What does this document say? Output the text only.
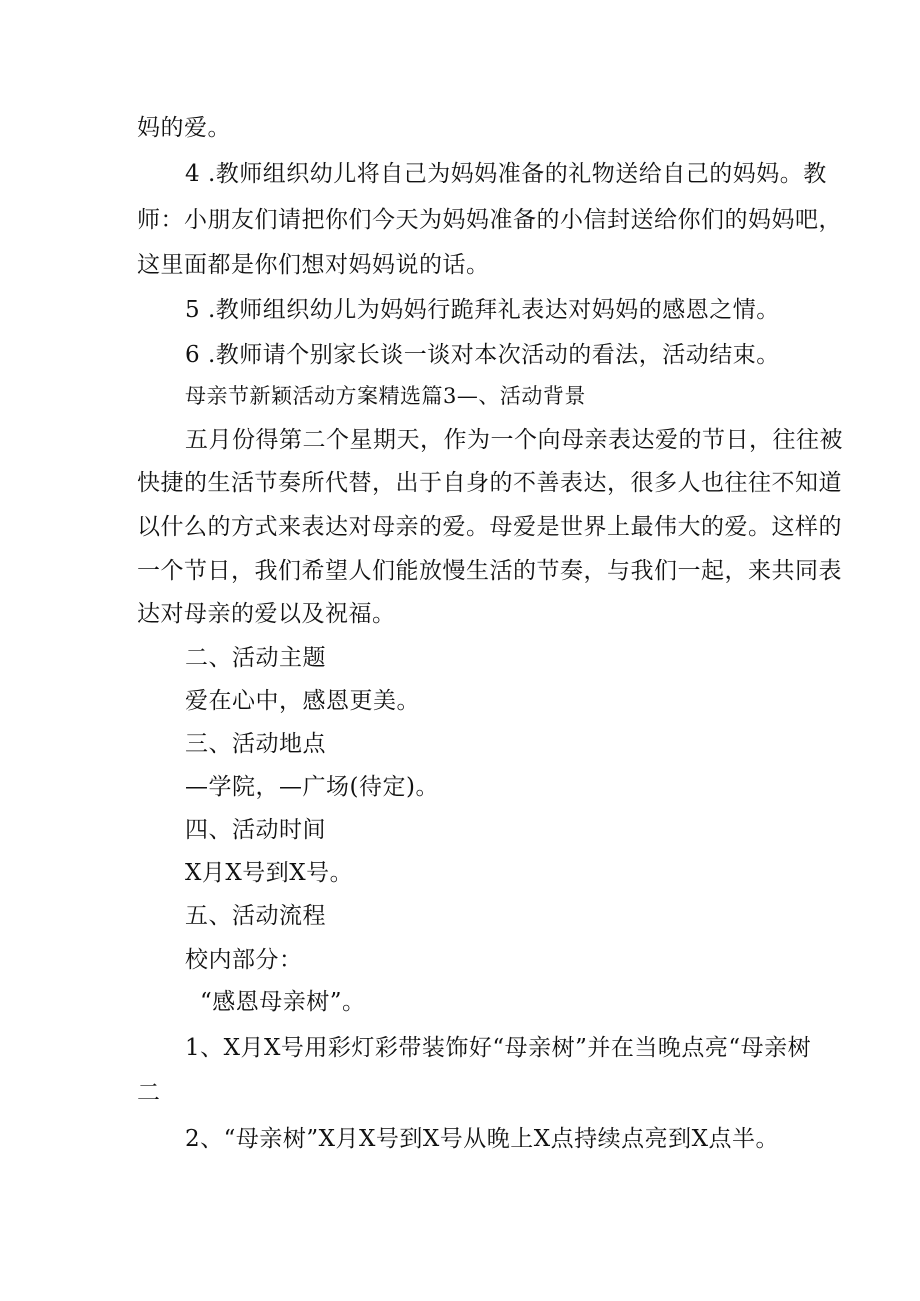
妈的爱。
4 .教师组织幼儿将自己为妈妈准备的礼物送给自己的妈妈。教
师：小朋友们请把你们今天为妈妈准备的小信封送给你们的妈妈吧，
这里面都是你们想对妈妈说的话。
5 .教师组织幼儿为妈妈行跪拜礼表达对妈妈的感恩之情。
6 .教师请个别家长谈一谈对本次活动的看法，活动结束。
母亲节新颖活动方案精选篇3—、活动背景
五月份得第二个星期天，作为一个向母亲表达爱的节日，往往被
快捷的生活节奏所代替，出于自身的不善表达，很多人也往往不知道
以什么的方式来表达对母亲的爱。母爱是世界上最伟大的爱。这样的
一个节日，我们希望人们能放慢生活的节奏，与我们一起，来共同表
达对母亲的爱以及祝福。
二、活动主题
爱在心中，感恩更美。
三、活动地点
—学院，—广场(待定)。
四、活动时间
X月X号到X号。
五、活动流程
校内部分：
“感恩母亲树”。
1、X月X号用彩灯彩带装饰好“母亲树”并在当晚点亮“母亲树
二
2、“母亲树”X月X号到X号从晚上X点持续点亮到X点半。
